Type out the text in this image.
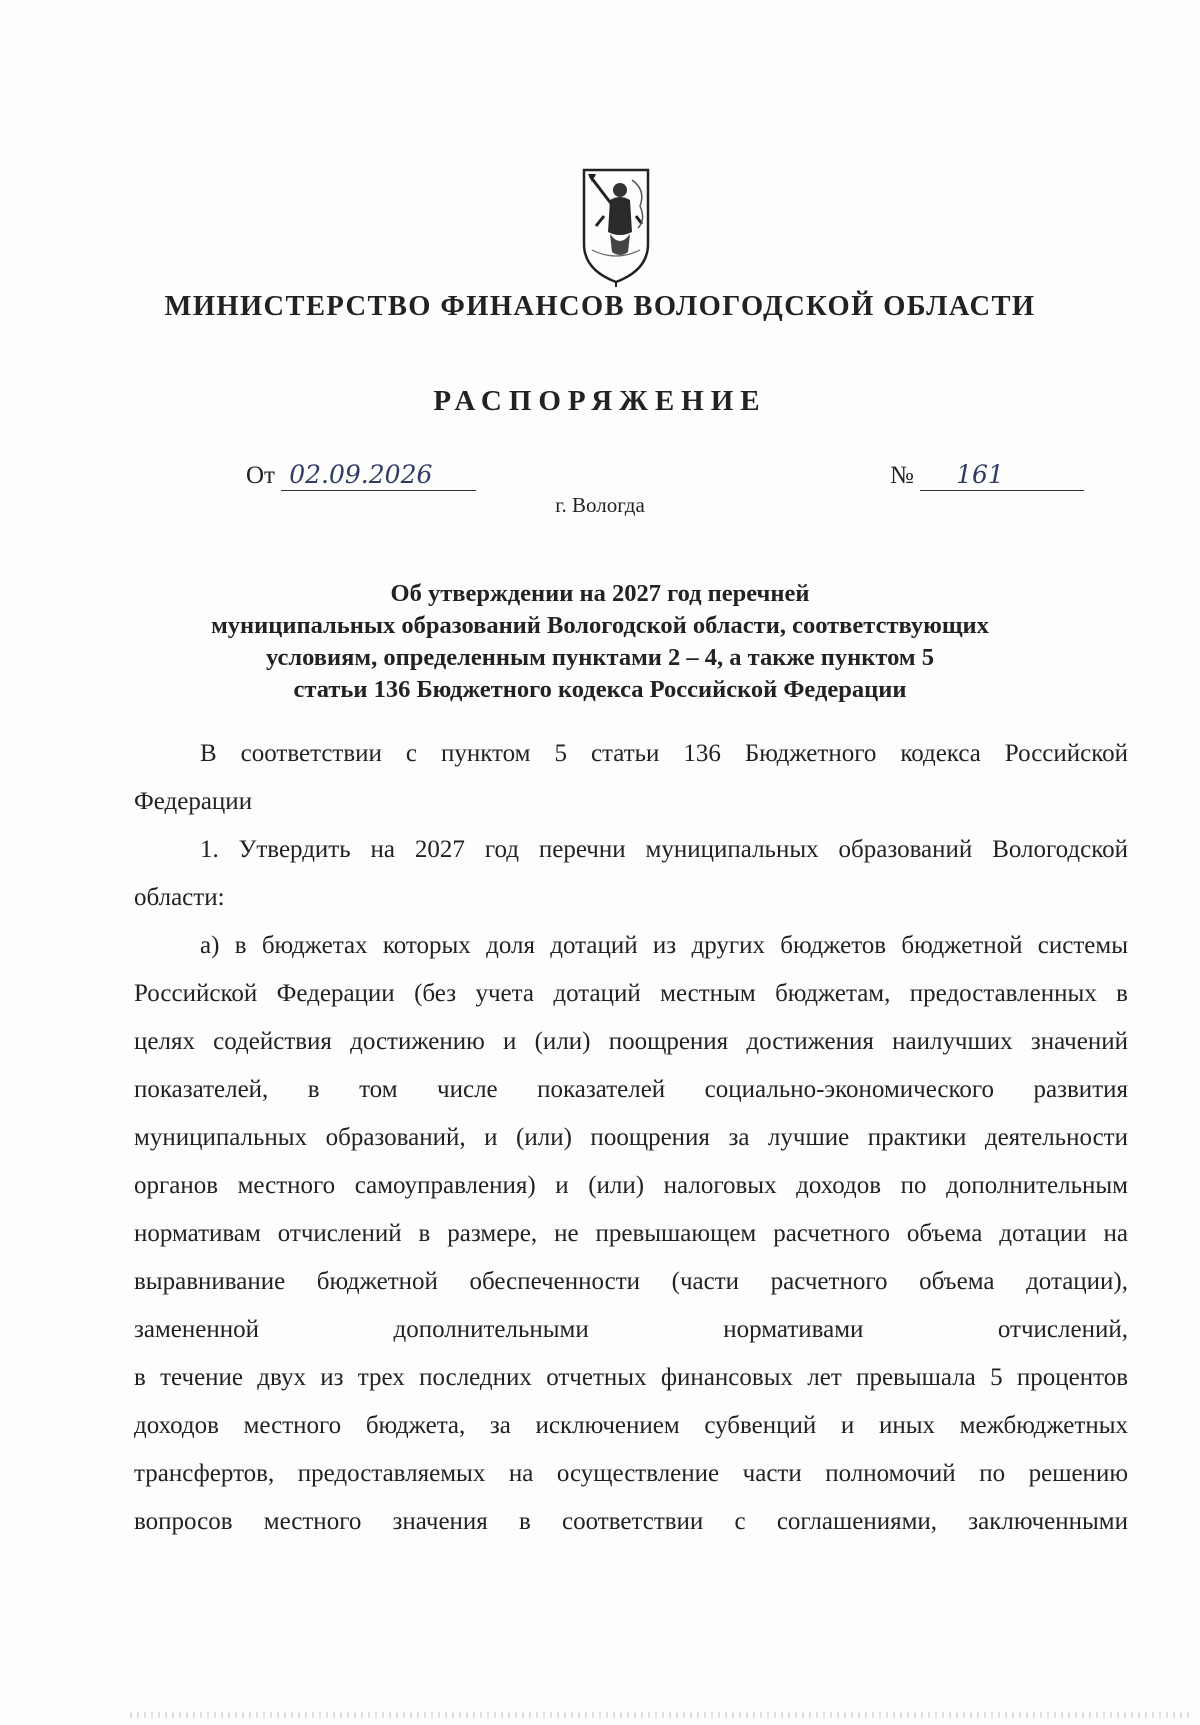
МИНИСТЕРСТВО ФИНАНСОВ ВОЛОГОДСКОЙ ОБЛАСТИ
РАСПОРЯЖЕНИЕ
От 02.09.2026	№ 161
г. Вологда
Об утверждении на 2027 год перечней
муниципальных образований Вологодской области, соответствующих
условиям, определенным пунктами 2 – 4, а также пунктом 5
статьи 136 Бюджетного кодекса Российской Федерации
В соответствии с пунктом 5 статьи 136 Бюджетного кодекса Российской
Федерации
1. Утвердить на 2027 год перечни муниципальных образований Вологодской
области:
а) в бюджетах которых доля дотаций из других бюджетов бюджетной системы
Российской Федерации (без учета дотаций местным бюджетам, предоставленных в
целях содействия достижению и (или) поощрения достижения наилучших значений
показателей, в том числе показателей социально-экономического развития
муниципальных образований, и (или) поощрения за лучшие практики деятельности
органов местного самоуправления) и (или) налоговых доходов по дополнительным
нормативам отчислений в размере, не превышающем расчетного объема дотации на
выравнивание бюджетной обеспеченности (части расчетного объема дотации),
замененной дополнительными нормативами отчислений,
в течение двух из трех последних отчетных финансовых лет превышала 5 процентов
доходов местного бюджета, за исключением субвенций и иных межбюджетных
трансфертов, предоставляемых на осуществление части полномочий по решению
вопросов местного значения в соответствии с соглашениями, заключенными
